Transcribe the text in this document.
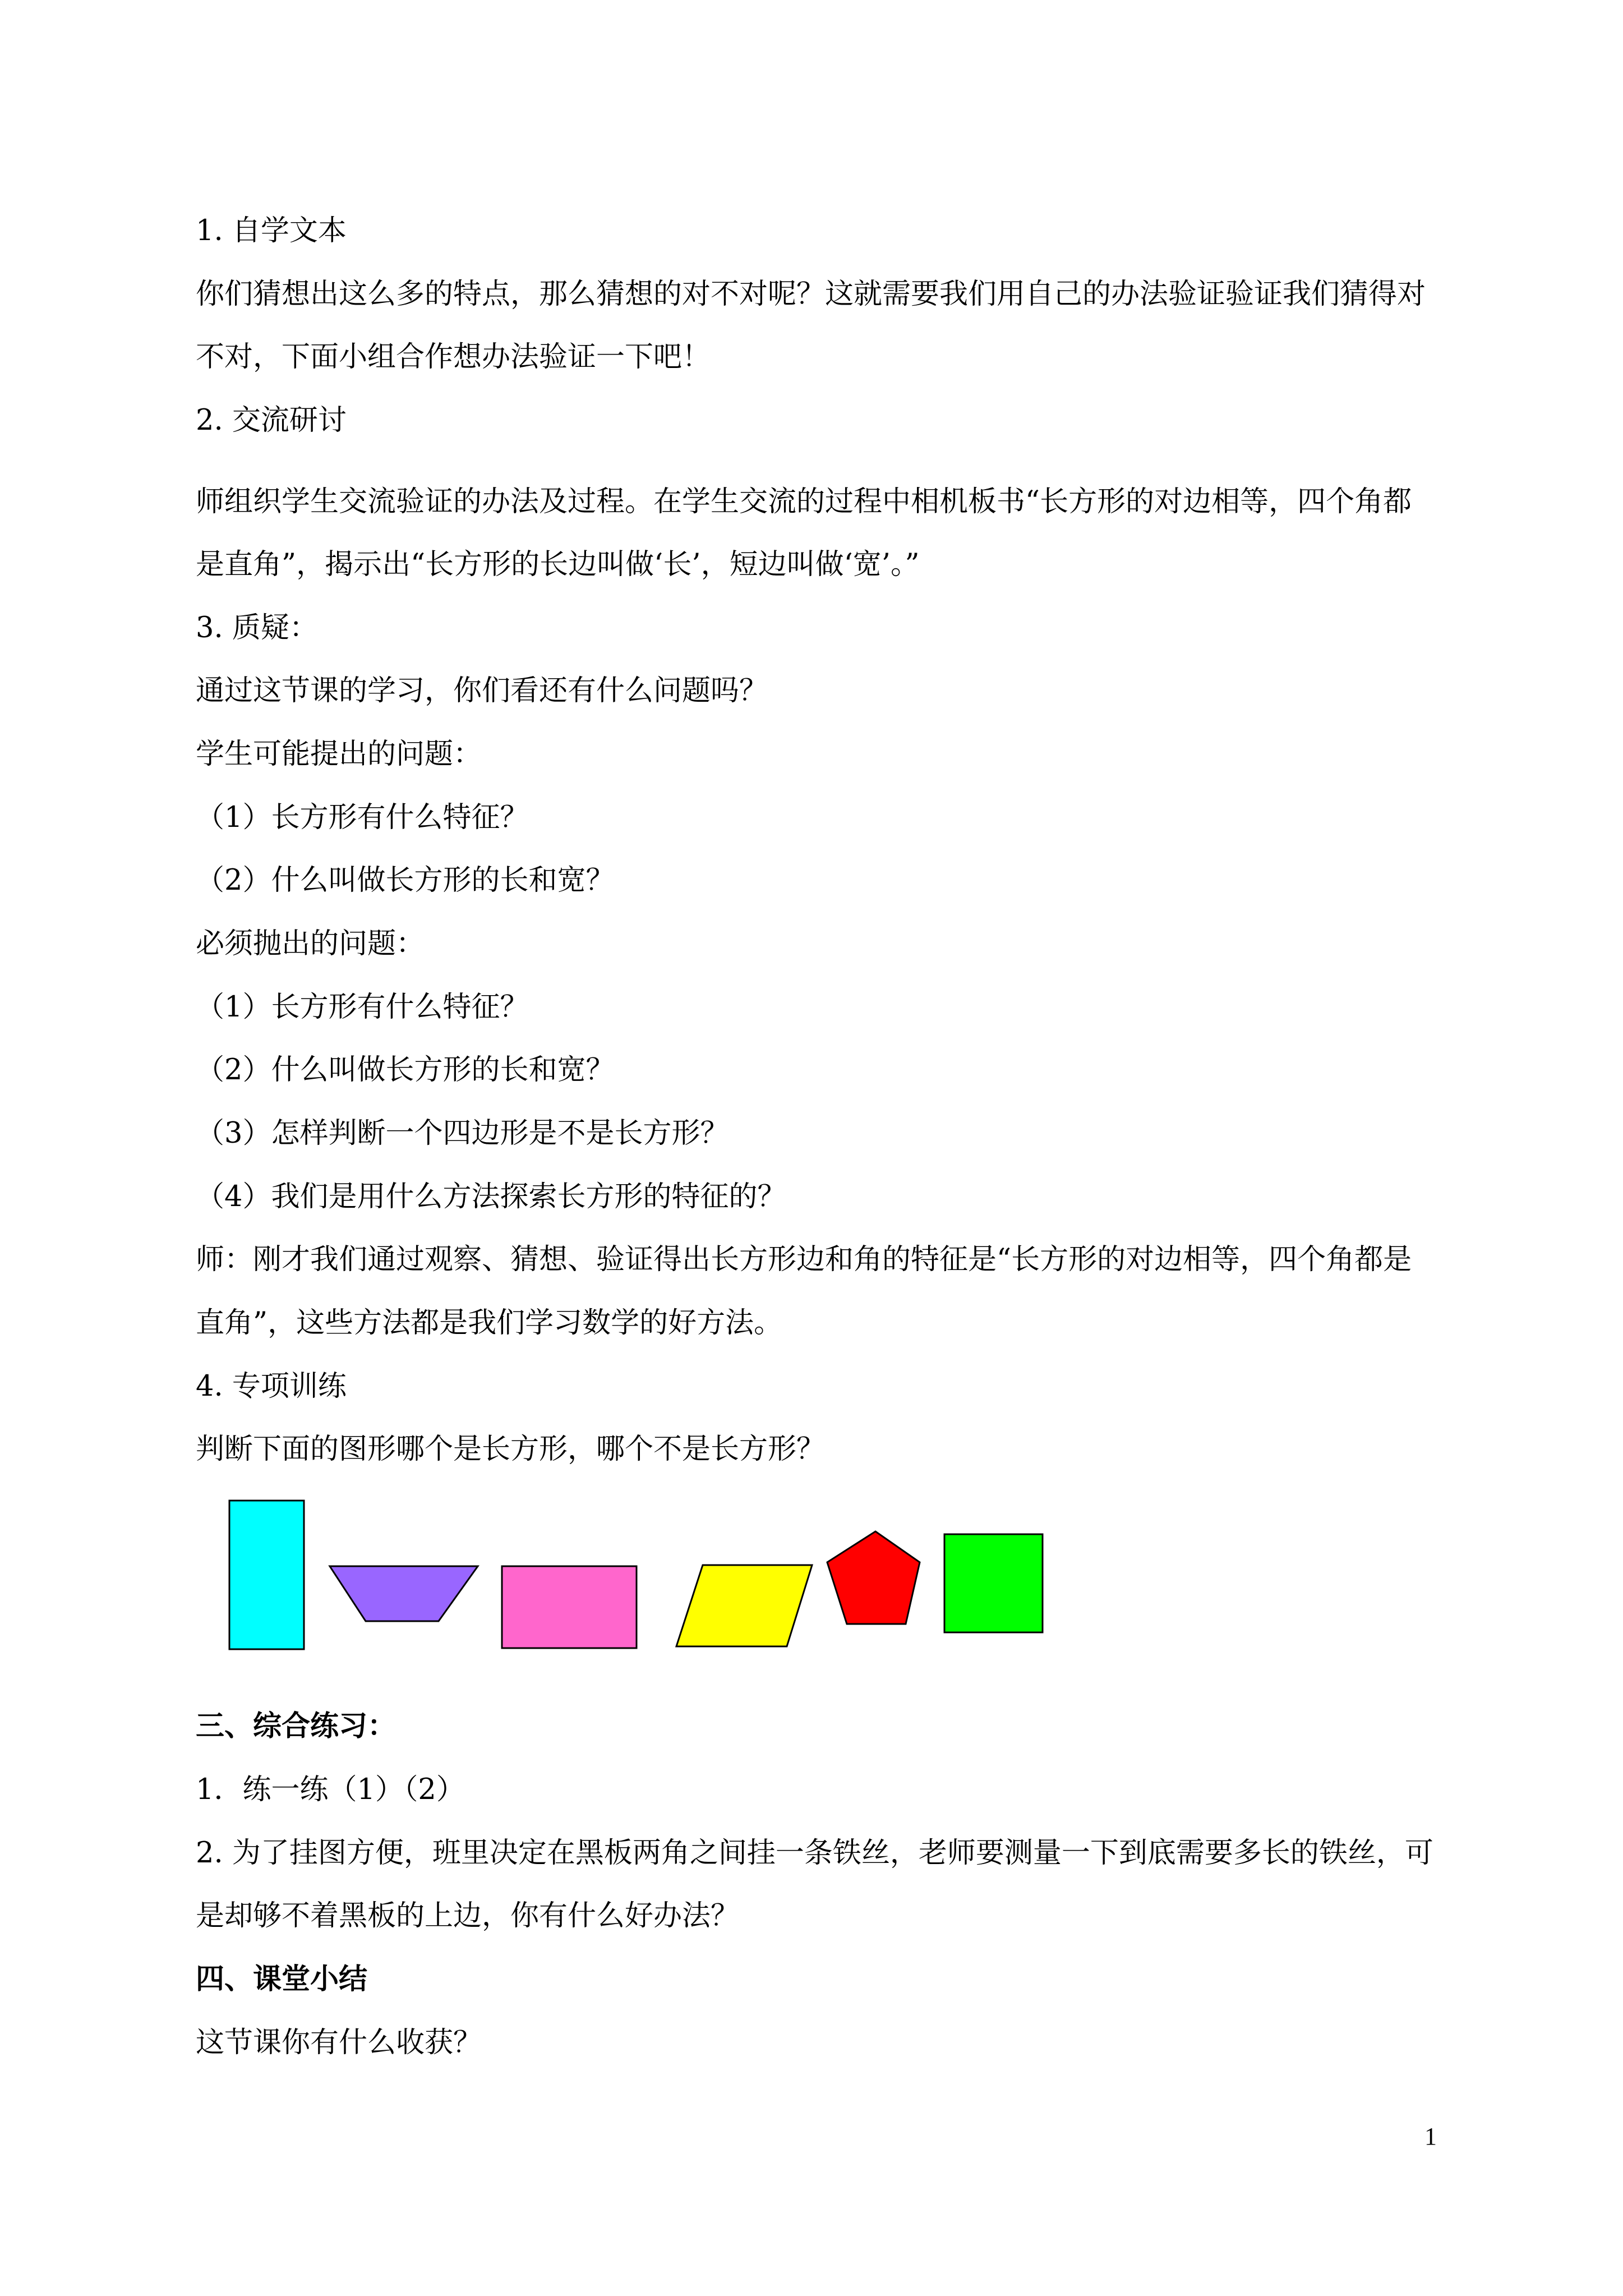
1. 自学文本
你们猜想出这么多的特点，那么猜想的对不对呢？这就需要我们用自己的办法验证验证我们猜得对
不对，下面小组合作想办法验证一下吧！
2. 交流研讨
师组织学生交流验证的办法及过程。在学生交流的过程中相机板书“长方形的对边相等，四个角都
是直角”，揭示出“长方形的长边叫做‘长’，短边叫做‘宽’。”
3. 质疑：
通过这节课的学习，你们看还有什么问题吗？
学生可能提出的问题：
（1）长方形有什么特征？
（2）什么叫做长方形的长和宽？
必须抛出的问题：
（1）长方形有什么特征？
（2）什么叫做长方形的长和宽？
（3）怎样判断一个四边形是不是长方形？
（4）我们是用什么方法探索长方形的特征的？
师：刚才我们通过观察、猜想、验证得出长方形边和角的特征是“长方形的对边相等，四个角都是
直角”，这些方法都是我们学习数学的好方法。
4. 专项训练
判断下面的图形哪个是长方形，哪个不是长方形？
三、综合练习：
1．练一练（1）（2）
2. 为了挂图方便，班里决定在黑板两角之间挂一条铁丝，老师要测量一下到底需要多长的铁丝，可
是却够不着黑板的上边，你有什么好办法？
四、课堂小结
这节课你有什么收获？
1
